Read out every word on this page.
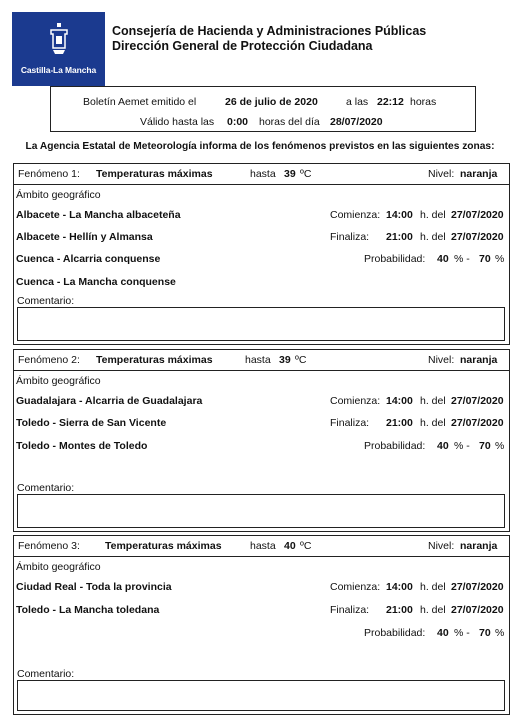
Castilla-La Mancha
Consejería de Hacienda y Administraciones Públicas
Dirección General de Protección Ciudadana
Boletín Aemet emitido el	26 de julio de 2020	a las 22:12 horas
Válido hasta las 0:00 horas del día 28/07/2020
La Agencia Estatal de Meteorología informa de los fenómenos previstos en las siguientes zonas:
Fenómeno 1: Temperaturas máximas	hasta 39 ºC	Nivel: naranja
Ámbito geográfico
Albacete - La Mancha albaceteña
Albacete - Hellín y Almansa
Cuenca - Alcarria conquense
Cuenca - La Mancha conquense
Comienza: 14:00 h. del 27/07/2020
Finaliza: 21:00 h. del 27/07/2020
Probabilidad: 40 % - 70 %
Comentario:
Fenómeno 2: Temperaturas máximas	hasta 39 ºC	Nivel: naranja
Ámbito geográfico
Guadalajara - Alcarria de Guadalajara
Toledo - Sierra de San Vicente
Toledo - Montes de Toledo
Comienza: 14:00 h. del 27/07/2020
Finaliza: 21:00 h. del 27/07/2020
Probabilidad: 40 % - 70 %
Comentario:
Fenómeno 3: Temperaturas máximas	hasta 40 ºC	Nivel: naranja
Ámbito geográfico
Ciudad Real - Toda la provincia
Toledo - La Mancha toledana
Comienza: 14:00 h. del 27/07/2020
Finaliza: 21:00 h. del 27/07/2020
Probabilidad: 40 % - 70 %
Comentario:
